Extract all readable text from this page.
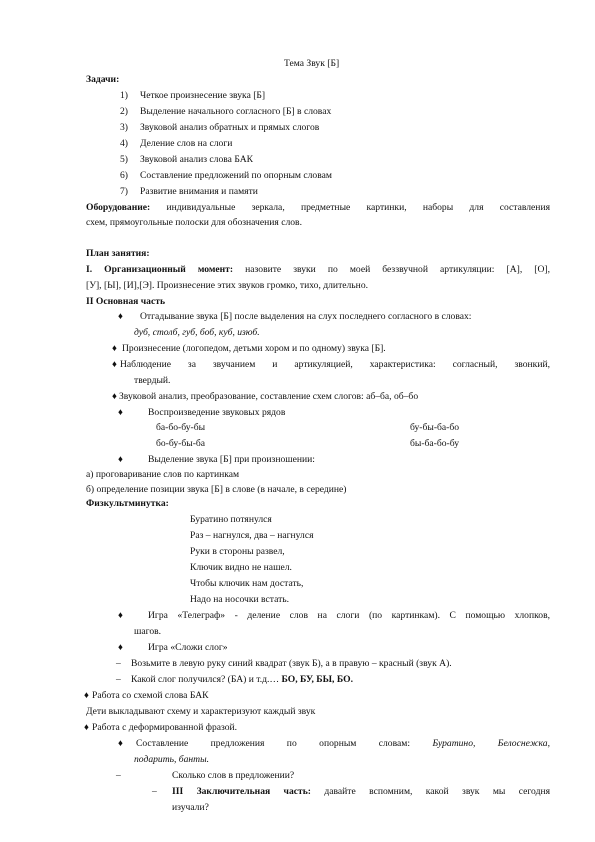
Тема Звук [Б]
Задачи:
1) Четкое произнесение звука [Б]
2) Выделение начального согласного [Б] в словах
3) Звуковой анализ обратных и прямых слогов
4) Деление слов на слоги
5) Звуковой анализ слова БАК
6) Составление предложений по опорным словам
7) Развитие внимания и памяти
Оборудование: индивидуальные зеркала, предметные картинки, наборы для составления
схем, прямоугольные полоски для обозначения слов.
План занятия:
I. Организационный момент: назовите звуки по моей беззвучной артикуляции: [А], [О],
[У], [Ы], [И],[Э]. Произнесение этих звуков громко, тихо, длительно.
II Основная часть
♦ Отгадывание звука [Б] после выделения на слух последнего согласного в словах:
дуб, столб, губ, боб, куб, изюб.
♦ Произнесение (логопедом, детьми хором и по одному) звука [Б].
♦ Наблюдение за звучанием и артикуляцией, характеристика: согласный, звонкий,
твердый.
♦ Звуковой анализ, преобразование, составление схем слогов: аб–ба, об–бо
♦	Воспроизведение звуковых рядов
ба-бо-бу-бы	бу-бы-ба-бо
бо-бу-бы-ба	бы-ба-бо-бу
♦	Выделение звука [Б] при произношении:
а) проговаривание слов по картинкам
б) определение позиции звука [Б] в слове (в начале, в середине)
Физкультминутка:
Буратино потянулся
Раз – нагнулся, два – нагнулся
Руки в стороны развел,
Ключик видно не нашел.
Чтобы ключик нам достать,
Надо на носочки встать.
♦	Игра «Телеграф» - деление слов на слоги (по картинкам). С помощью хлопков,
шагов.
♦	Игра «Сложи слог»
– Возьмите в левую руку синий квадрат (звук Б), а в правую – красный (звук А).
– Какой слог получился? (БА) и т.д.… БО, БУ, БЫ, БО.
♦ Работа со схемой слова БАК
Дети выкладывают схему и характеризуют каждый звук
♦ Работа с деформированной фразой.
♦ Составление предложения по опорным словам: Буратино, Белоснежка,
подарить, банты.
–	Сколько слов в предложении?
– III Заключительная часть: давайте вспомним, какой звук мы сегодня
изучали?
